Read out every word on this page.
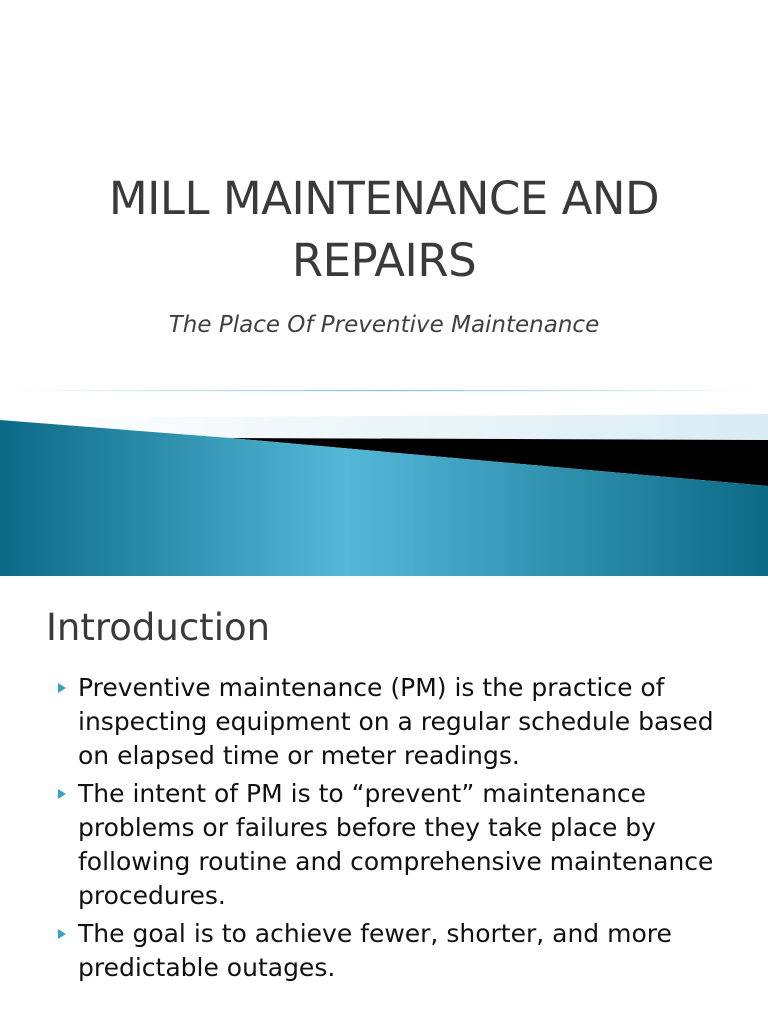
MILL MAINTENANCE AND
REPAIRS
The Place Of Preventive Maintenance
Introduction
Preventive maintenance (PM) is the practice of inspecting equipment on a regular schedule based on elapsed time or meter readings.
The intent of PM is to “prevent” maintenance problems or failures before they take place by following routine and comprehensive maintenance procedures.
The goal is to achieve fewer, shorter, and more predictable outages.
